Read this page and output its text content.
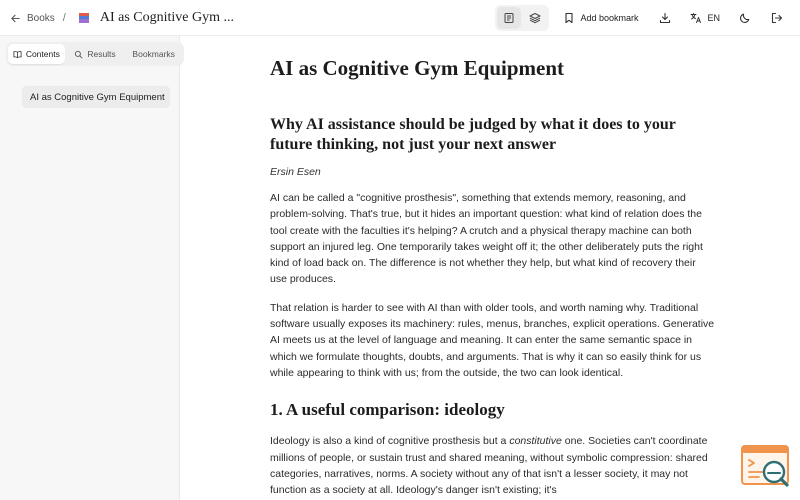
Books / AI as Cognitive Gym ...	Add bookmark	EN
Contents	Results Bookmarks
AI as Cognitive Gym Equipment
AI as Cognitive Gym Equipment
Why AI assistance should be judged by what it does to your future thinking, not just your next answer

Ersin Esen

AI can be called a "cognitive prosthesis", something that extends memory, reasoning, and problem-solving. That's true, but it hides an important question: what kind of relation does the tool create with the faculties it's helping? A crutch and a physical therapy machine can both support an injured leg. One temporarily takes weight off it; the other deliberately puts the right kind of load back on. The difference is not whether they help, but what kind of recovery their use produces.

That relation is harder to see with AI than with older tools, and worth naming why. Traditional software usually exposes its machinery: rules, menus, branches, explicit operations. Generative AI meets us at the level of language and meaning. It can enter the same semantic space in which we formulate thoughts, doubts, and arguments. That is why it can so easily think for us while appearing to think with us; from the outside, the two can look identical.

1. A useful comparison: ideology

Ideology is also a kind of cognitive prosthesis but a constitutive one. Societies can't coordinate millions of people, or sustain trust and shared meaning, without symbolic compression: shared categories, narratives, norms. A society without any of that isn't a lesser society, it may not function as a society at all. Ideology's danger isn't existing; it's
